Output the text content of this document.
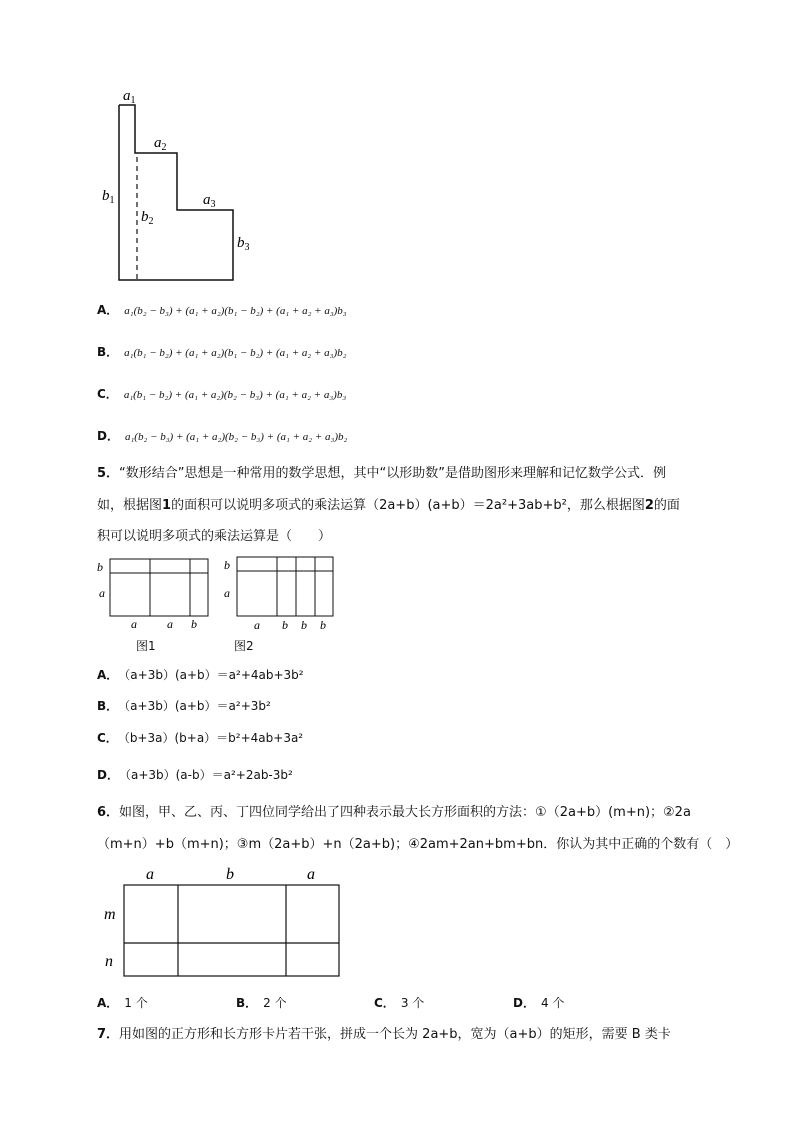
$a_1$
$a_2$
$a_3$
$b_1$
$b_2$
$b_3$
A． a₁(b₂ − b₃) + (a₁ + a₂)(b₁ − b₂) + (a₁ + a₂ + a₃)b₃
B． a₁(b₁ − b₂) + (a₁ + a₂)(b₁ − b₂) + (a₁ + a₂ + a₃)b₂
C． a₁(b₁ − b₂) + (a₁ + a₂)(b₂ − b₃) + (a₁ + a₂ + a₃)b₃
D． a₁(b₂ − b₃) + (a₁ + a₂)(b₂ − b₃) + (a₁ + a₂ + a₃)b₂
5．“数形结合”思想是一种常用的数学思想，其中“以形助数”是借助图形来理解和记忆数学公式．例
如，根据图1的面积可以说明多项式的乘法运算（2a+b）(a+b）＝2a²+3ab+b²，那么根据图2的面
积可以说明多项式的乘法运算是（　　）
b
a
a	a b
图1
b
a
a b b b
图2
A． （a+3b）(a+b）＝a²+4ab+3b²
B． （a+3b）(a+b）＝a²+3b²
C． （b+3a）(b+a）＝b²+4ab+3a²
D． （a+3b）(a-b）＝a²+2ab-3b²
6．如图，甲、乙、丙、丁四位同学给出了四种表示最大长方形面积的方法：①（2a+b）(m+n)；②2a
（m+n）+b（m+n)；③m（2a+b）+n（2a+b)；④2am+2an+bm+bn．你认为其中正确的个数有（　）
a	b	a
m
n
A． 1 个	B． 2 个	C． 3 个	D． 4 个
7．用如图的正方形和长方形卡片若干张，拼成一个长为 2a+b，宽为（a+b）的矩形，需要 B 类卡
